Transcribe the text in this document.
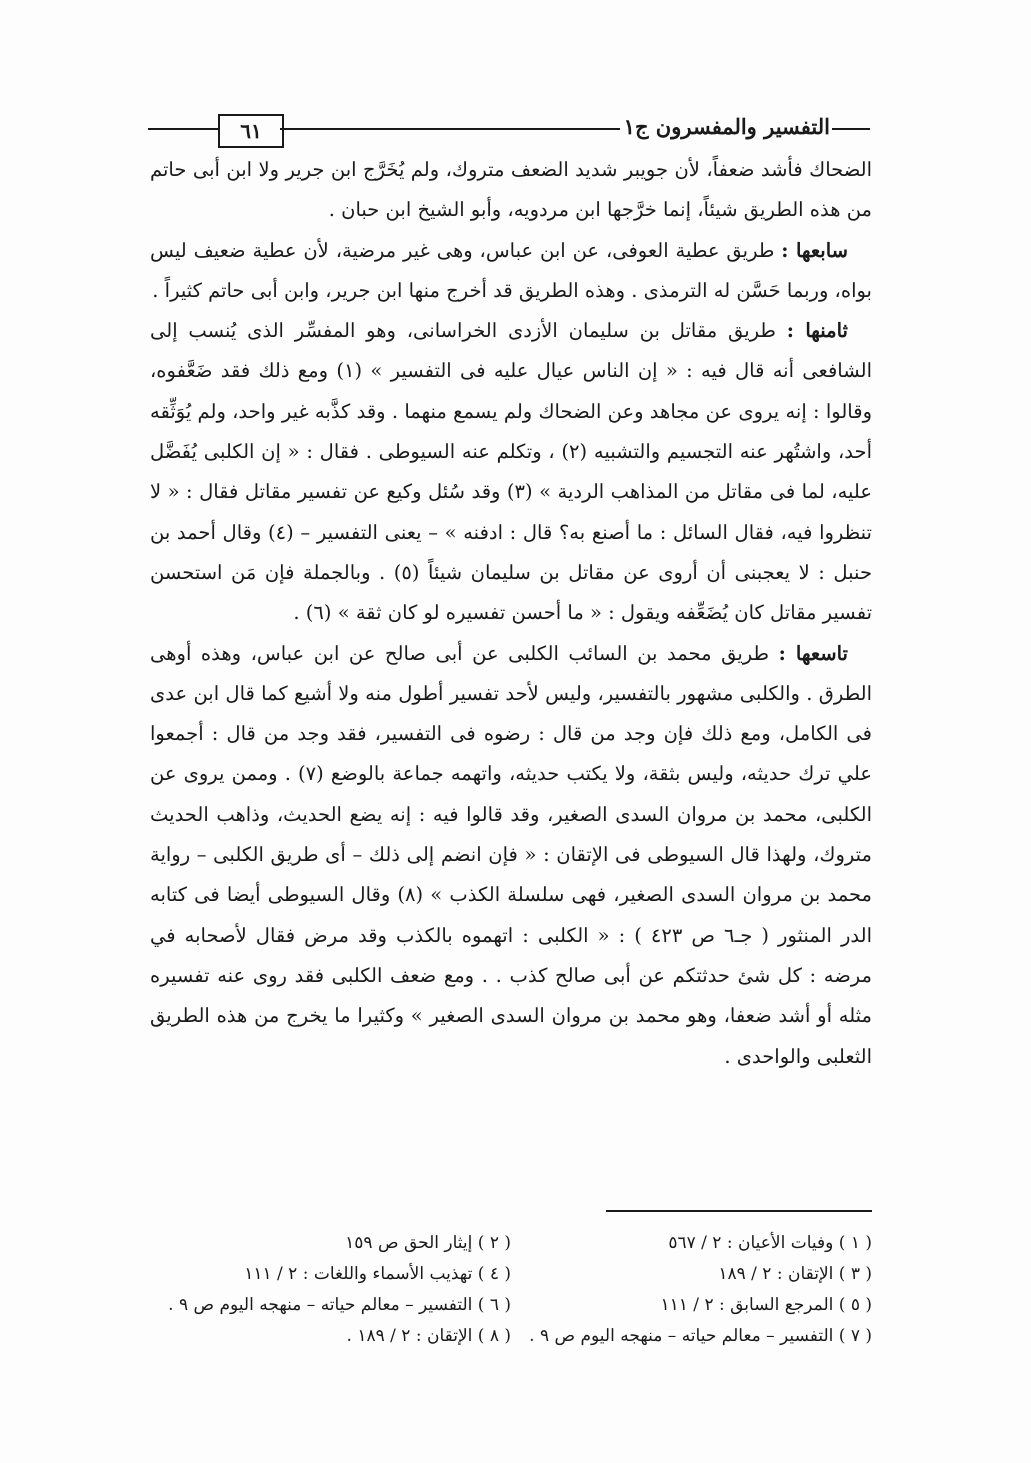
٦١	التفسير والمفسرون ج١

الضحاك فأشد ضعفاً، لأن جويبر شديد الضعف متروك، ولم يُخَرَّج ابن جرير ولا ابن أبى حاتم من هذه الطريق شيئاً، إنما خرَّجها ابن مردويه، وأبو الشيخ ابن حبان .

سابعها : طريق عطية العوفى، عن ابن عباس، وهى غير مرضية، لأن عطية ضعيف ليس بواه، وربما حَسَّن له الترمذى . وهذه الطريق قد أخرج منها ابن جرير، وابن أبى حاتم كثيراً .

ثامنها : طريق مقاتل بن سليمان الأزدى الخراسانى، وهو المفسِّر الذى يُنسب إلى الشافعى أنه قال فيه : « إن الناس عيال عليه فى التفسير » (١) ومع ذلك فقد ضَعَّفوه، وقالوا : إنه يروى عن مجاهد وعن الضحاك ولم يسمع منهما . وقد كذَّبه غير واحد، ولم يُوَثِّقه أحد، واشتُهر عنه التجسيم والتشبيه (٢) ، وتكلم عنه السيوطى . فقال : « إن الكلبى يُفَضَّل عليه، لما فى مقاتل من المذاهب الردية » (٣) وقد سُئل وكيع عن تفسير مقاتل فقال : « لا تنظروا فيه، فقال السائل : ما أصنع به؟ قال : ادفنه » – يعنى التفسير – (٤) وقال أحمد بن حنبل : لا يعجبنى أن أروى عن مقاتل بن سليمان شيئاً (٥) . وبالجملة فإن مَن استحسن تفسير مقاتل كان يُضَعِّفه ويقول : « ما أحسن تفسيره لو كان ثقة » (٦) .

تاسعها : طريق محمد بن السائب الكلبى عن أبى صالح عن ابن عباس، وهذه أوهى الطرق . والكلبى مشهور بالتفسير، وليس لأحد تفسير أطول منه ولا أشيع كما قال ابن عدى فى الكامل، ومع ذلك فإن وجد من قال : رضوه فى التفسير، فقد وجد من قال : أجمعوا علي ترك حديثه، وليس بثقة، ولا يكتب حديثه، واتهمه جماعة بالوضع (٧) . وممن يروى عن الكلبى، محمد بن مروان السدى الصغير، وقد قالوا فيه : إنه يضع الحديث، وذاهب الحديث متروك، ولهذا قال السيوطى فى الإتقان : « فإن انضم إلى ذلك – أى طريق الكلبى – رواية محمد بن مروان السدى الصغير، فهى سلسلة الكذب » (٨) وقال السيوطى أيضا فى كتابه الدر المنثور ( جـ٦ ص ٤٢٣ ) : « الكلبى : اتهموه بالكذب وقد مرض فقال لأصحابه في مرضه : كل شئ حدثتكم عن أبى صالح كذب . . ومع ضعف الكلبى فقد روى عنه تفسيره مثله أو أشد ضعفا، وهو محمد بن مروان السدى الصغير » وكثيرا ما يخرج من هذه الطريق الثعلبى والواحدى .

( ١ ) وفيات الأعيان : ٢ / ٥٦٧
( ٢ ) إيثار الحق ص ١٥٩
( ٣ ) الإتقان : ٢ / ١٨٩
( ٤ ) تهذيب الأسماء واللغات : ٢ / ١١١
( ٥ ) المرجع السابق : ٢ / ١١١
( ٦ ) التفسير – معالم حياته – منهجه اليوم ص ٩ .
( ٧ ) التفسير – معالم حياته – منهجه اليوم ص ٩ .
( ٨ ) الإتقان : ٢ / ١٨٩ .
